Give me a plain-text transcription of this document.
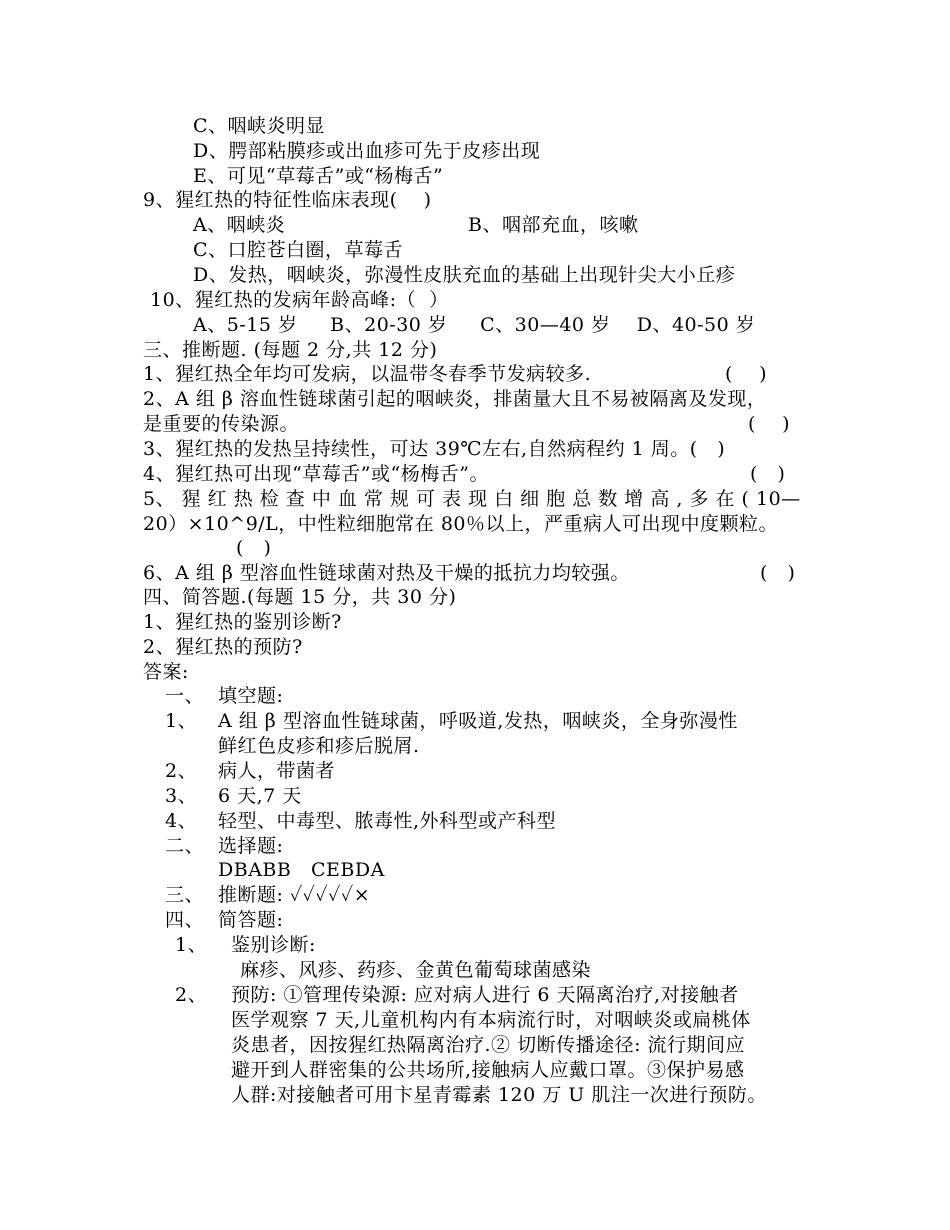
C、咽峡炎明显
D、腭部粘膜疹或出血疹可先于皮疹出现
E、可见“草莓舌”或“杨梅舌”
9、猩红热的特征性临床表现(    )
A、咽峡炎	B、咽部充血，咳嗽
C、口腔苍白圈，草莓舌
D、发热，咽峡炎，弥漫性皮肤充血的基础上出现针尖大小丘疹
10、猩红热的发病年龄高峰:（  ）
A、5-15 岁     B、20-30 岁     C、30—40 岁    D、40-50 岁
三、推断题. (每题 2 分,共 12 分)
1、猩红热全年均可发病，以温带冬春季节发病较多.	(    )
2、A 组 β 溶血性链球菌引起的咽峡炎，排菌量大且不易被隔离及发现，
是重要的传染源。	(    )
3、猩红热的发热呈持续性，可达 39℃左右,自然病程约 1 周。(   )
4、猩红热可出现“草莓舌”或“杨梅舌”。	(   )
5、 猩 红 热 检 查 中 血 常 规 可 表 现 白 细 胞 总 数 增 高 , 多 在 ( 10—
20）×10^9/L，中性粒细胞常在 80％以上，严重病人可出现中度颗粒。
(   )
6、A 组 β 型溶血性链球菌对热及干燥的抵抗力均较强。	(   )
四、简答题.(每题 15 分，共 30 分)
1、猩红热的鉴别诊断?
2、猩红热的预防?
答案:
一、 填空题:
1、 A 组 β 型溶血性链球菌，呼吸道,发热，咽峡炎，全身弥漫性
鲜红色皮疹和疹后脱屑.
2、 病人，带菌者
3、 6 天,7 天
4、 轻型、中毒型、脓毒性,外科型或产科型
二、 选择题:
DBABB   CEBDA
三、 推断题: ✓✓✓✓✓×
四、 简答题:
1、 鉴别诊断:
麻疹、风疹、药疹、金黄色葡萄球菌感染
2、 预防: ①管理传染源: 应对病人进行 6 天隔离治疗,对接触者
医学观察 7 天,儿童机构内有本病流行时，对咽峡炎或扁桃体
炎患者，因按猩红热隔离治疗.② 切断传播途径: 流行期间应
避开到人群密集的公共场所,接触病人应戴口罩。③保护易感
人群:对接触者可用卞星青霉素 120 万 U 肌注一次进行预防。
